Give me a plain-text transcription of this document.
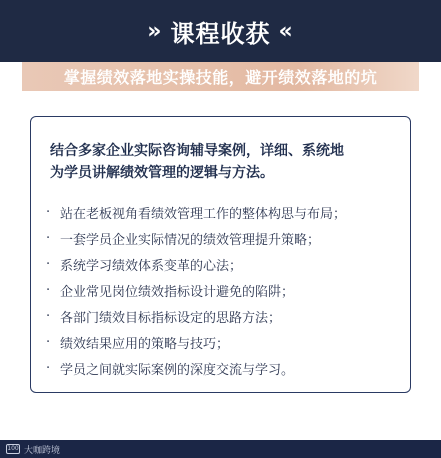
» 课程收获 «
掌握绩效落地实操技能，避开绩效落地的坑
结合多家企业实际咨询辅导案例，详细、系统地
为学员讲解绩效管理的逻辑与方法。
· 站在老板视角看绩效管理工作的整体构思与布局；
· 一套学员企业实际情况的绩效管理提升策略；
· 系统学习绩效体系变革的心法；
· 企业常见岗位绩效指标设计避免的陷阱；
· 各部门绩效目标指标设定的思路方法；
· 绩效结果应用的策略与技巧；
· 学员之间就实际案例的深度交流与学习。
100 大咖跨境
